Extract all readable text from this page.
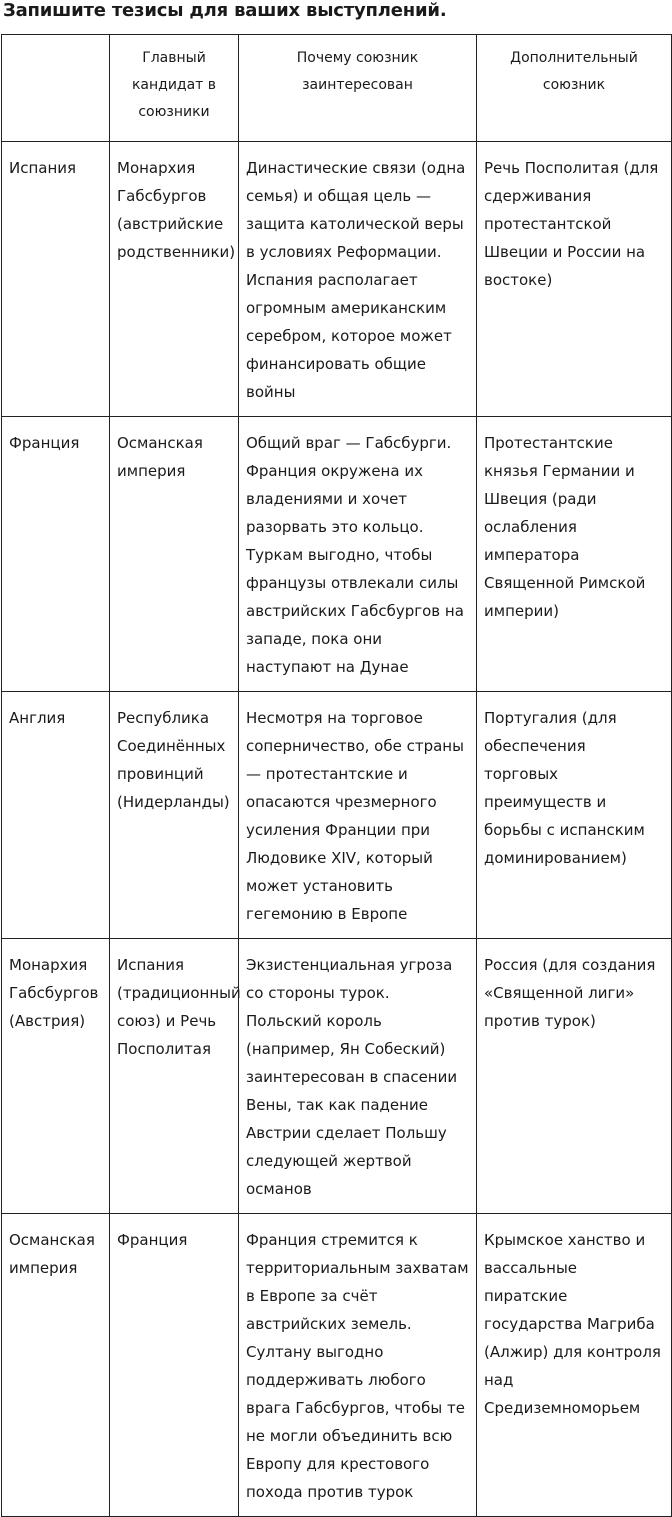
Запишите тезисы для ваших выступлений.
	Главный кандидат в союзники	Почему союзник заинтересован	Дополнительный союзник
Испания	Монархия Габсбургов (австрийские родственники)	Династические связи (одна семья) и общая цель — защита католической веры в условиях Реформации. Испания располагает огромным американским серебром, которое может финансировать общие войны	Речь Посполитая (для сдерживания протестантской Швеции и России на востоке)
Франция	Османская империя	Общий враг — Габсбурги. Франция окружена их владениями и хочет разорвать это кольцо. Туркам выгодно, чтобы французы отвлекали силы австрийских Габсбургов на западе, пока они наступают на Дунае	Протестантские князья Германии и Швеция (ради ослабления императора Священной Римской империи)
Англия	Республика Соединённых провинций (Нидерланды)	Несмотря на торговое соперничество, обе страны — протестантские и опасаются чрезмерного усиления Франции при Людовике XIV, который может установить гегемонию в Европе	Португалия (для обеспечения торговых преимуществ и борьбы с испанским доминированием)
Монархия Габсбургов (Австрия)	Испания (традиционный союз) и Речь Посполитая	Экзистенциальная угроза со стороны турок. Польский король (например, Ян Собеский) заинтересован в спасении Вены, так как падение Австрии сделает Польшу следующей жертвой османов	Россия (для создания «Священной лиги» против турок)
Османская империя	Франция	Франция стремится к территориальным захватам в Европе за счёт австрийских земель. Султану выгодно поддерживать любого врага Габсбургов, чтобы те не могли объединить всю Европу для крестового похода против турок	Крымское ханство и вассальные пиратские государства Магриба (Алжир) для контроля над Средиземноморьем
